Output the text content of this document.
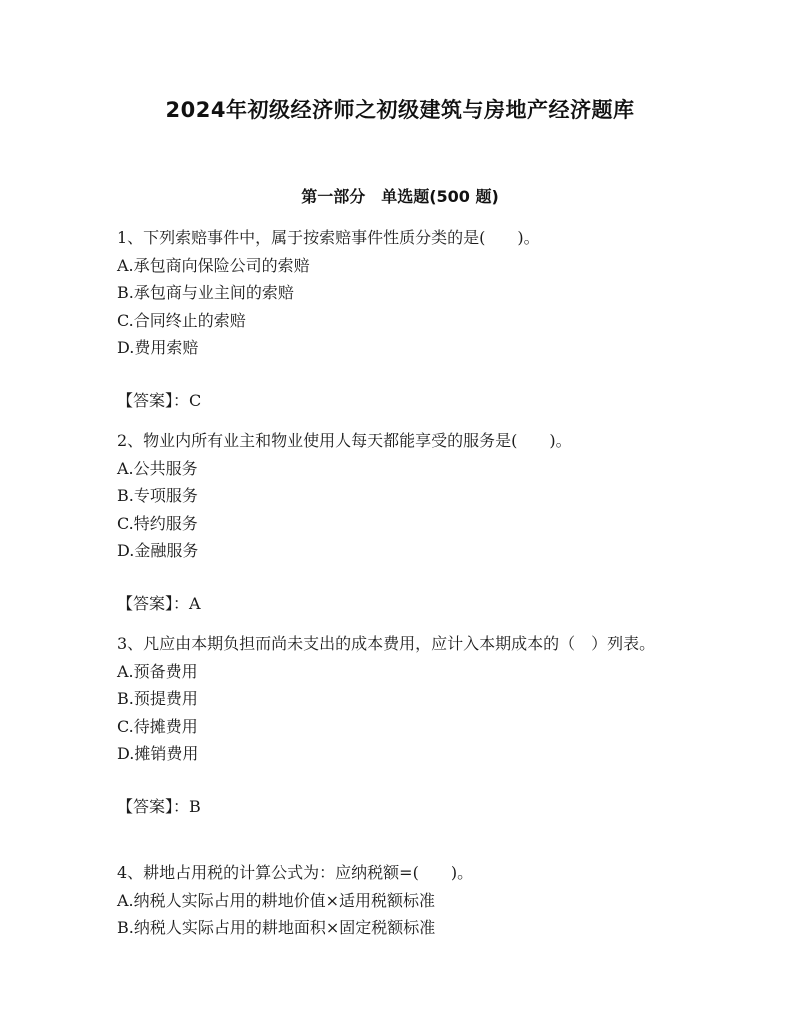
2024年初级经济师之初级建筑与房地产经济题库
第一部分　单选题(500 题)
1、下列索赔事件中，属于按索赔事件性质分类的是(　　)。
A.承包商向保险公司的索赔
B.承包商与业主间的索赔
C.合同终止的索赔
D.费用索赔
【答案】：C
2、物业内所有业主和物业使用人每天都能享受的服务是(　　)。
A.公共服务
B.专项服务
C.特约服务
D.金融服务
【答案】：A
3、凡应由本期负担而尚未支出的成本费用，应计入本期成本的（　）列表。
A.预备费用
B.预提费用
C.待摊费用
D.摊销费用
【答案】：B
4、耕地占用税的计算公式为：应纳税额=(　　)。
A.纳税人实际占用的耕地价值×适用税额标准
B.纳税人实际占用的耕地面积×固定税额标准
